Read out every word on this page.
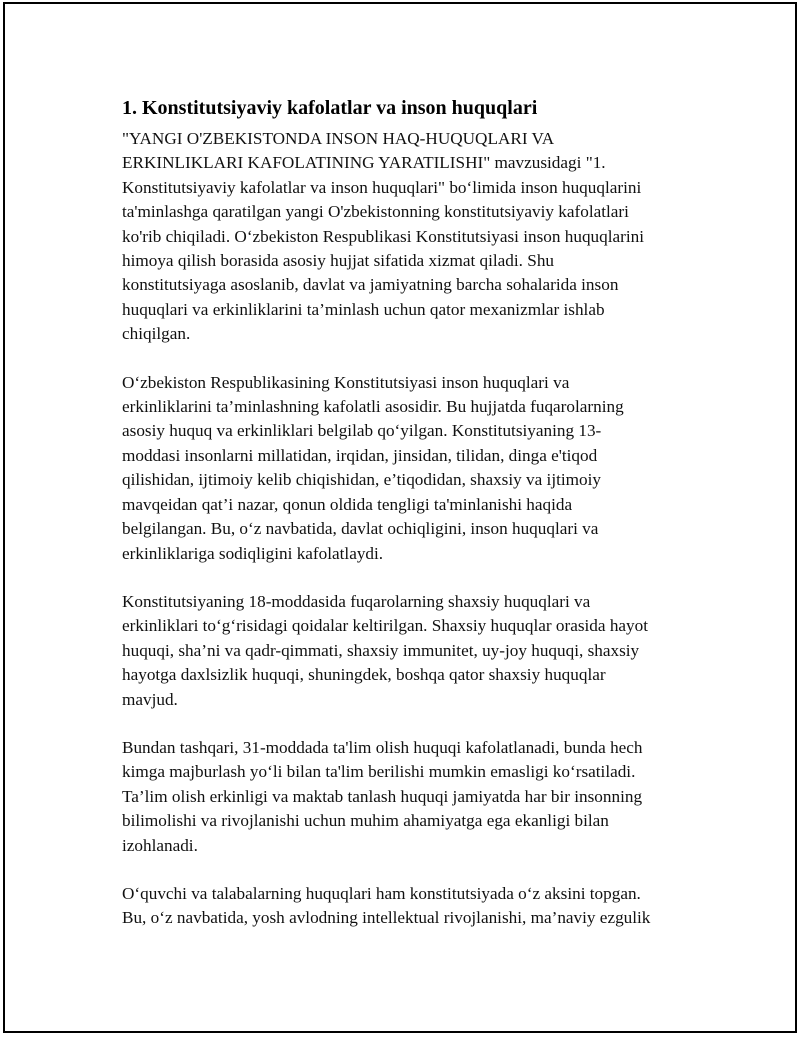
1. Konstitutsiyaviy kafolatlar va inson huquqlari
"YANGI O'ZBEKISTONDA INSON HAQ-HUQUQLARI VA
ERKINLIKLARI KAFOLATINING YARATILISHI" mavzusidagi "1.
Konstitutsiyaviy kafolatlar va inson huquqlari" boʻlimida inson huquqlarini
ta'minlashga qaratilgan yangi O'zbekistonning konstitutsiyaviy kafolatlari
ko'rib chiqiladi. Oʻzbekiston Respublikasi Konstitutsiyasi inson huquqlarini
himoya qilish borasida asosiy hujjat sifatida xizmat qiladi. Shu
konstitutsiyaga asoslanib, davlat va jamiyatning barcha sohalarida inson
huquqlari va erkinliklarini ta’minlash uchun qator mexanizmlar ishlab
chiqilgan.
Oʻzbekiston Respublikasining Konstitutsiyasi inson huquqlari va
erkinliklarini ta’minlashning kafolatli asosidir. Bu hujjatda fuqarolarning
asosiy huquq va erkinliklari belgilab qoʻyilgan. Konstitutsiyaning 13-
moddasi insonlarni millatidan, irqidan, jinsidan, tilidan, dinga e'tiqod
qilishidan, ijtimoiy kelib chiqishidan, e’tiqodidan, shaxsiy va ijtimoiy
mavqeidan qat’i nazar, qonun oldida tengligi ta'minlanishi haqida
belgilangan. Bu, oʻz navbatida, davlat ochiqligini, inson huquqlari va
erkinliklariga sodiqligini kafolatlaydi.
Konstitutsiyaning 18-moddasida fuqarolarning shaxsiy huquqlari va
erkinliklari toʻgʻrisidagi qoidalar keltirilgan. Shaxsiy huquqlar orasida hayot
huquqi, sha’ni va qadr-qimmati, shaxsiy immunitet, uy-joy huquqi, shaxsiy
hayotga daxlsizlik huquqi, shuningdek, boshqa qator shaxsiy huquqlar
mavjud.
Bundan tashqari, 31-moddada ta'lim olish huquqi kafolatlanadi, bunda hech
kimga majburlash yoʻli bilan ta'lim berilishi mumkin emasligi koʻrsatiladi.
Ta’lim olish erkinligi va maktab tanlash huquqi jamiyatda har bir insonning
bilimolishi va rivojlanishi uchun muhim ahamiyatga ega ekanligi bilan
izohlanadi.
Oʻquvchi va talabalarning huquqlari ham konstitutsiyada oʻz aksini topgan.
Bu, oʻz navbatida, yosh avlodning intellektual rivojlanishi, ma’naviy ezgulik
